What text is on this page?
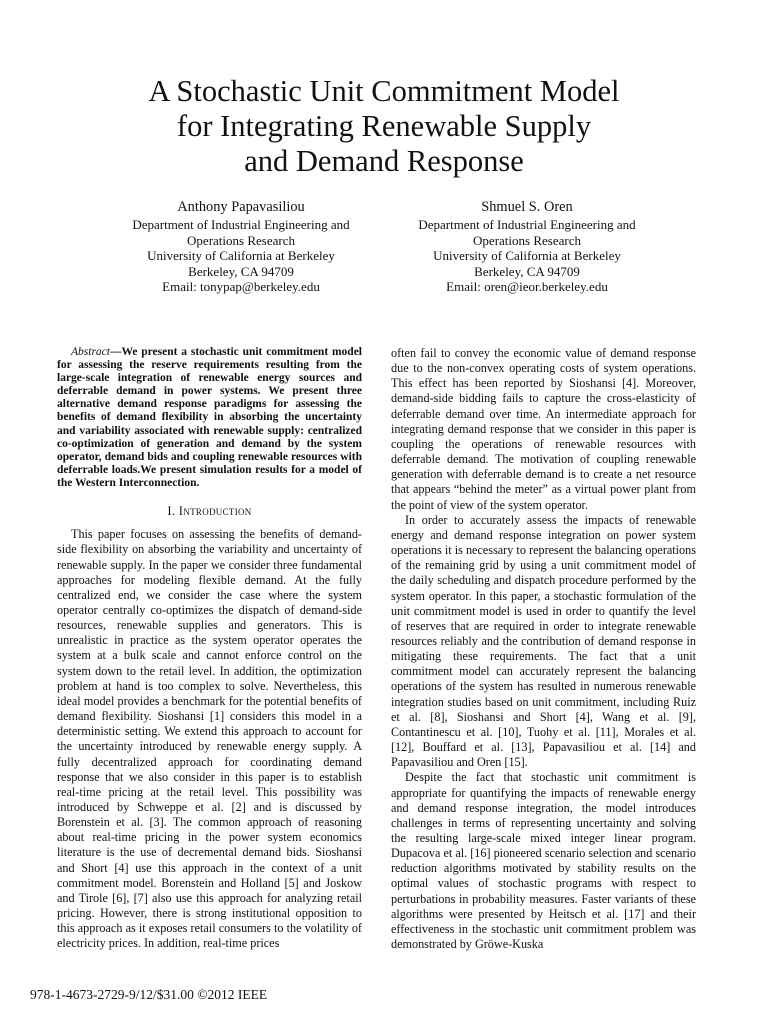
A Stochastic Unit Commitment Model
for Integrating Renewable Supply
and Demand Response
Anthony Papavasiliou
Department of Industrial Engineering and
Operations Research
University of California at Berkeley
Berkeley, CA 94709
Email: tonypap@berkeley.edu
Shmuel S. Oren
Department of Industrial Engineering and
Operations Research
University of California at Berkeley
Berkeley, CA 94709
Email: oren@ieor.berkeley.edu

Abstract—We present a stochastic unit commitment model for assessing the reserve requirements resulting from the large-scale integration of renewable energy sources and deferrable demand in power systems. We present three alternative demand response paradigms for assessing the benefits of demand flexibility in absorbing the uncertainty and variability associated with renewable supply: centralized co-optimization of generation and demand by the system operator, demand bids and coupling renewable resources with deferrable loads.We present simulation results for a model of the Western Interconnection.

I. Introduction

This paper focuses on assessing the benefits of demand-side flexibility on absorbing the variability and uncertainty of renewable supply. In the paper we consider three fundamental approaches for modeling flexible demand. At the fully centralized end, we consider the case where the system operator centrally co-optimizes the dispatch of demand-side resources, renewable supplies and generators. This is unrealistic in practice as the system operator operates the system at a bulk scale and cannot enforce control on the system down to the retail level. In addition, the optimization problem at hand is too complex to solve. Nevertheless, this ideal model provides a benchmark for the potential benefits of demand flexibility. Sioshansi [1] considers this model in a deterministic setting. We extend this approach to account for the uncertainty introduced by renewable energy supply. A fully decentralized approach for coordinating demand response that we also consider in this paper is to establish real-time pricing at the retail level. This possibility was introduced by Schweppe et al. [2] and is discussed by Borenstein et al. [3]. The common approach of reasoning about real-time pricing in the power system economics literature is the use of decremental demand bids. Sioshansi and Short [4] use this approach in the context of a unit commitment model. Borenstein and Holland [5] and Joskow and Tirole [6], [7] also use this approach for analyzing retail pricing. However, there is strong institutional opposition to this approach as it exposes retail consumers to the volatility of electricity prices. In addition, real-time prices

often fail to convey the economic value of demand response due to the non-convex operating costs of system operations. This effect has been reported by Sioshansi [4]. Moreover, demand-side bidding fails to capture the cross-elasticity of deferrable demand over time. An intermediate approach for integrating demand response that we consider in this paper is coupling the operations of renewable resources with deferrable demand. The motivation of coupling renewable generation with deferrable demand is to create a net resource that appears “behind the meter” as a virtual power plant from the point of view of the system operator.

In order to accurately assess the impacts of renewable energy and demand response integration on power system operations it is necessary to represent the balancing operations of the remaining grid by using a unit commitment model of the daily scheduling and dispatch procedure performed by the system operator. In this paper, a stochastic formulation of the unit commitment model is used in order to quantify the level of reserves that are required in order to integrate renewable resources reliably and the contribution of demand response in mitigating these requirements. The fact that a unit commitment model can accurately represent the balancing operations of the system has resulted in numerous renewable integration studies based on unit commitment, including Ruiz et al. [8], Sioshansi and Short [4], Wang et al. [9], Contantinescu et al. [10], Tuohy et al. [11], Morales et al. [12], Bouffard et al. [13], Papavasiliou et al. [14] and Papavasiliou and Oren [15].

Despite the fact that stochastic unit commitment is appropriate for quantifying the impacts of renewable energy and demand response integration, the model introduces challenges in terms of representing uncertainty and solving the resulting large-scale mixed integer linear program. Dupacova et al. [16] pioneered scenario selection and scenario reduction algorithms motivated by stability results on the optimal values of stochastic programs with respect to perturbations in probability measures. Faster variants of these algorithms were presented by Heitsch et al. [17] and their effectiveness in the stochastic unit commitment problem was demonstrated by Gröwe-Kuska

978-1-4673-2729-9/12/$31.00 ©2012 IEEE
